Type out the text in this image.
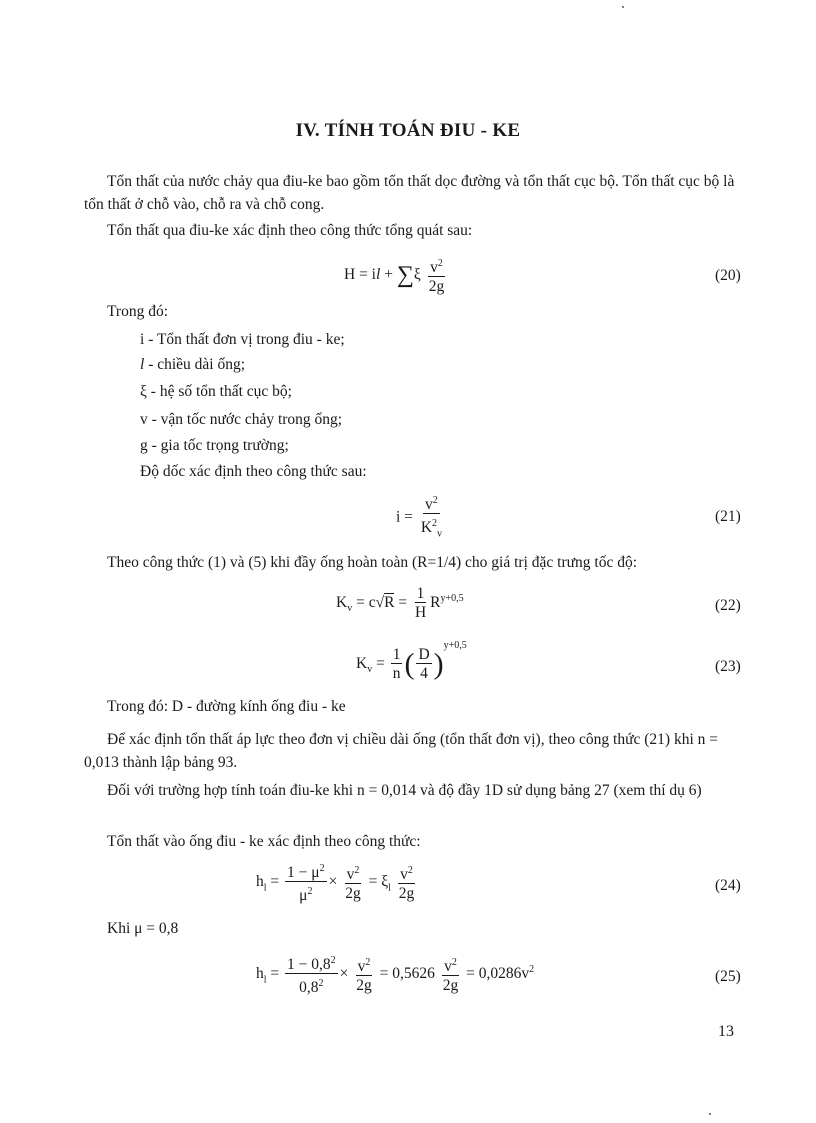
IV. TÍNH TOÁN ĐIU - KE
Tổn thất của nước chảy qua điu-ke bao gồm tổn thất dọc đường và tổn thất cục bộ. Tổn thất cục bộ là tổn thất ở chỗ vào, chỗ ra và chỗ cong.
Tổn thất qua điu-ke xác định theo công thức tổng quát sau:
H = il + $\sum\xi \frac{v^2}{2g}$	(20)
Trong đó:
i - Tổn thất đơn vị trong điu - ke;
l - chiều dài ống;
ξ - hệ số tổn thất cục bộ;
v - vận tốc nước chảy trong ống;
g - gia tốc trọng trường;
Độ dốc xác định theo công thức sau:
$i = \frac{v^2}{K^2_v}$	(21)
Theo công thức (1) và (5) khi đầy ống hoàn toàn (R=1/4) cho giá trị đặc trưng tốc độ:
$K_v = c√R = \frac{1}{H} R^{y+0,5}$	(22)
$K_v = \frac{1}{n}$ ( $\frac{D}{4} )^{y+0,5}$
(23)
Trong đó: D - đường kính ống điu - ke
Để xác định tổn thất áp lực theo đơn vị chiều dài ống (tổn thất đơn vị), theo công thức (21) khi n = 0,013 thành lập bảng 93.
Đối với trường hợp tính toán điu-ke khi n = 0,014 và độ đầy 1D sử dụng bảng 27 (xem thí dụ 6)
Tổn thất vào ống điu - ke xác định theo công thức:
$h_l = \frac{1 - \mu^2}{\mu^2} \times \frac{v^2}{2g} = \xi_l \frac{v^2}{2g}$	(24)
Khi μ = 0,8
$h_l = \frac{1 - 0,8^2}{0,8^2} \times \frac{v^2}{2g} = 0,5626 \frac{v^2}{2g} = 0,0286v^2$	(25)
13
